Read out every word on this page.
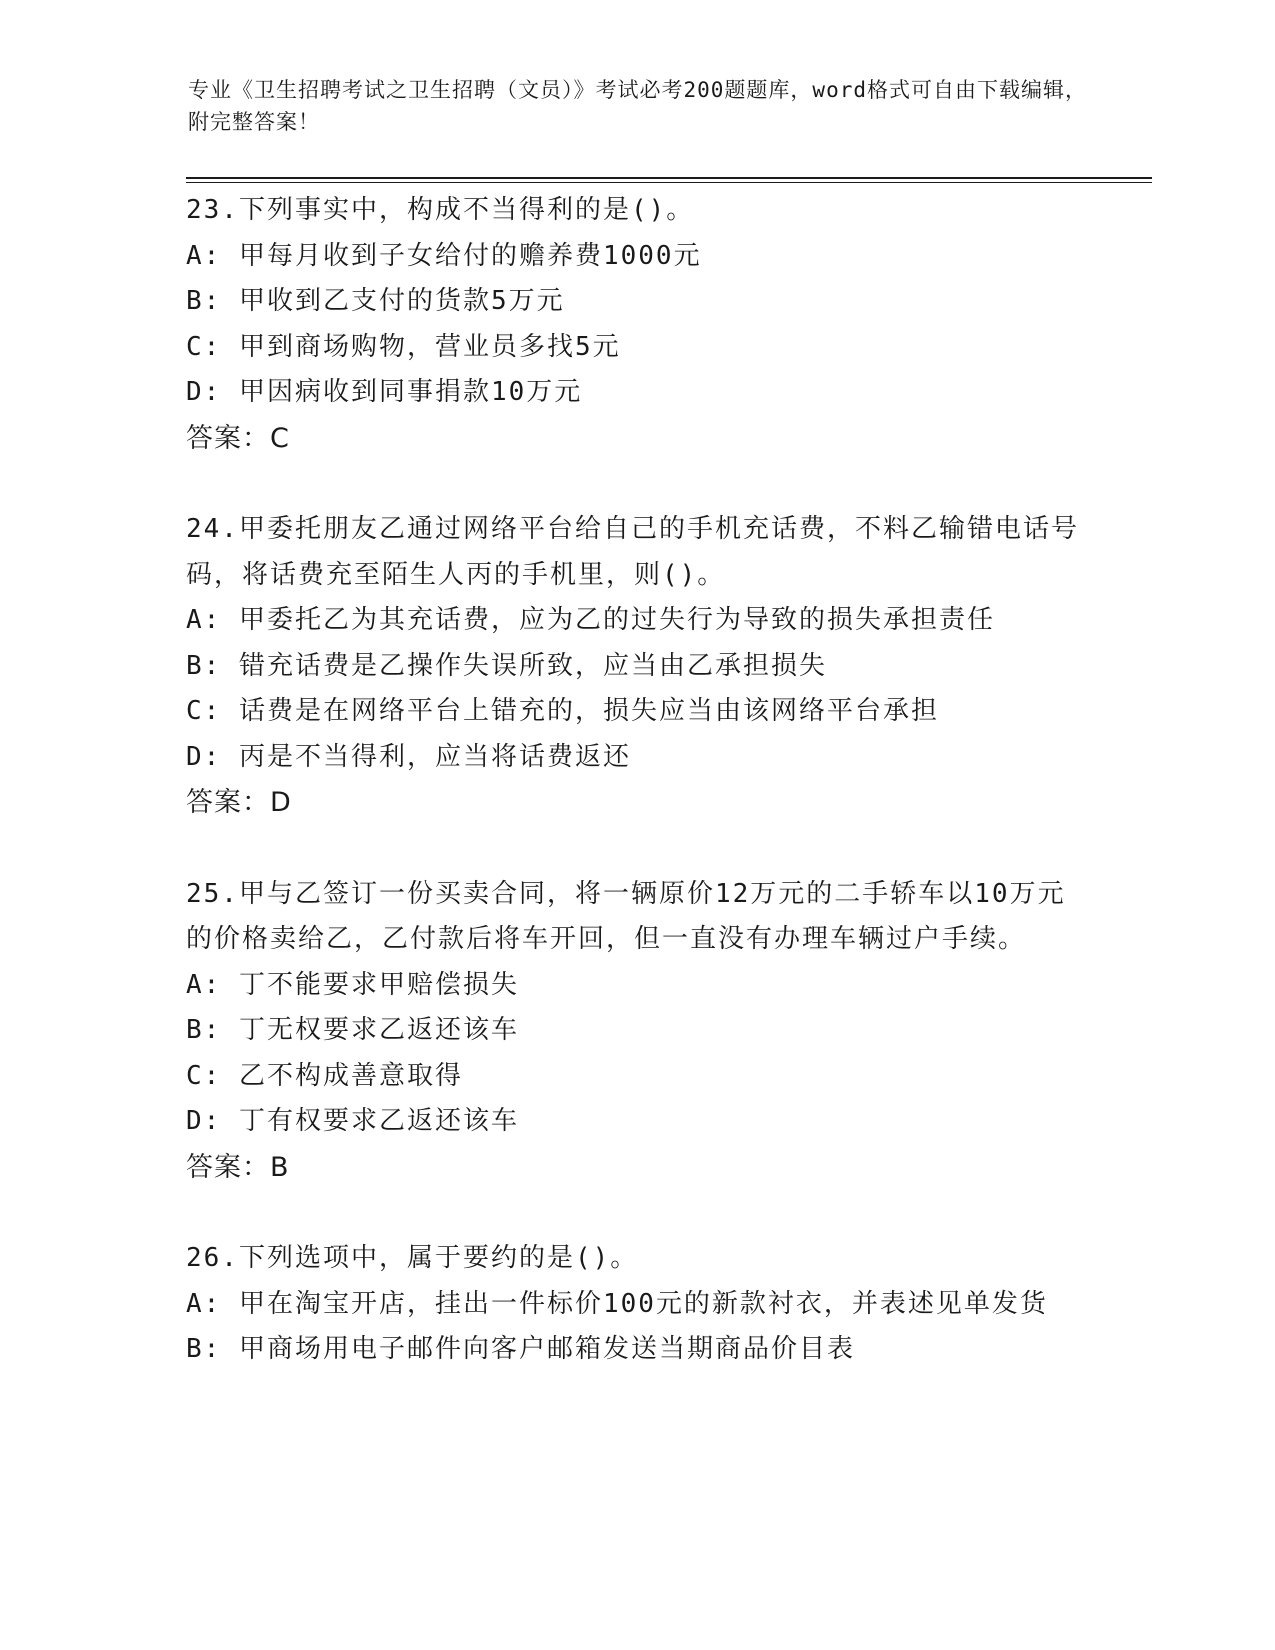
专业《卫生招聘考试之卫生招聘（文员）》考试必考200题题库，word格式可自由下载编辑，附完整答案！
23.下列事实中，构成不当得利的是()。
A: 甲每月收到子女给付的赡养费1000元
B: 甲收到乙支付的货款5万元
C: 甲到商场购物，营业员多找5元
D: 甲因病收到同事捐款10万元
答案：C
24.甲委托朋友乙通过网络平台给自己的手机充话费，不料乙输错电话号码，将话费充至陌生人丙的手机里，则()。
A: 甲委托乙为其充话费，应为乙的过失行为导致的损失承担责任
B: 错充话费是乙操作失误所致，应当由乙承担损失
C: 话费是在网络平台上错充的，损失应当由该网络平台承担
D: 丙是不当得利，应当将话费返还
答案：D
25.甲与乙签订一份买卖合同，将一辆原价12万元的二手轿车以10万元的价格卖给乙，乙付款后将车开回，但一直没有办理车辆过户手续。
A: 丁不能要求甲赔偿损失
B: 丁无权要求乙返还该车
C: 乙不构成善意取得
D: 丁有权要求乙返还该车
答案：B
26.下列选项中，属于要约的是()。
A: 甲在淘宝开店，挂出一件标价100元的新款衬衣，并表述见单发货
B: 甲商场用电子邮件向客户邮箱发送当期商品价目表
